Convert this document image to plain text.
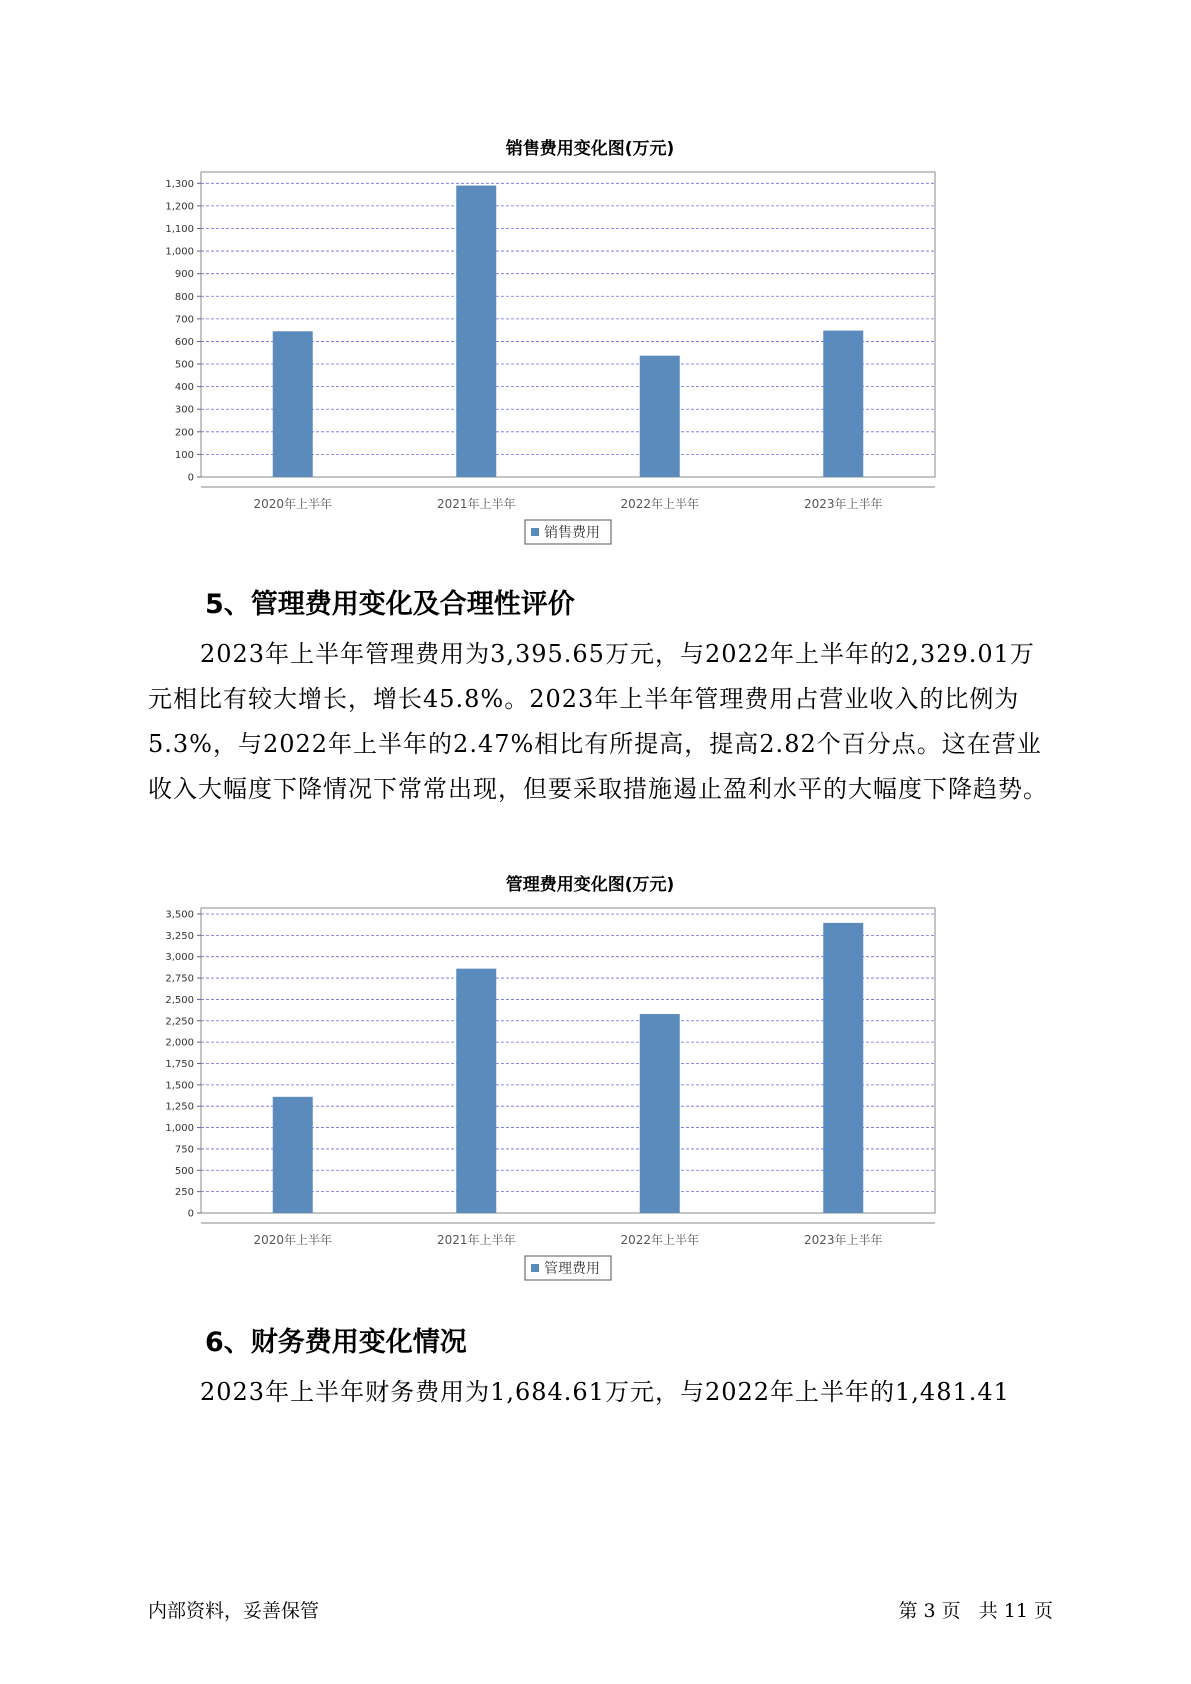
销售费用变化图(万元)
0
100
200
300
400
500
600
700
800
900
1,000
1,100
1,200
1,300
2020年上半年	2021年上半年	2022年上半年	2023年上半年
销售费用
5、管理费用变化及合理性评价

2023年上半年管理费用为3,395.65万元，与2022年上半年的2,329.01万元相比有较大增长，增长45.8%。2023年上半年管理费用占营业收入的比例为5.3%，与2022年上半年的2.47%相比有所提高，提高2.82个百分点。这在营业收入大幅度下降情况下常常出现，但要采取措施遏止盈利水平的大幅度下降趋势。

管理费用变化图(万元)
0
250
500
750
1,000
1,250
1,500
1,750
2,000
2,250
2,500
2,750
3,000
3,250
3,500
2020年上半年	2021年上半年	2022年上半年	2023年上半年
管理费用
6、财务费用变化情况

2023年上半年财务费用为1,684.61万元，与2022年上半年的1,481.41

内部资料，妥善保管	第 3 页   共 11 页
